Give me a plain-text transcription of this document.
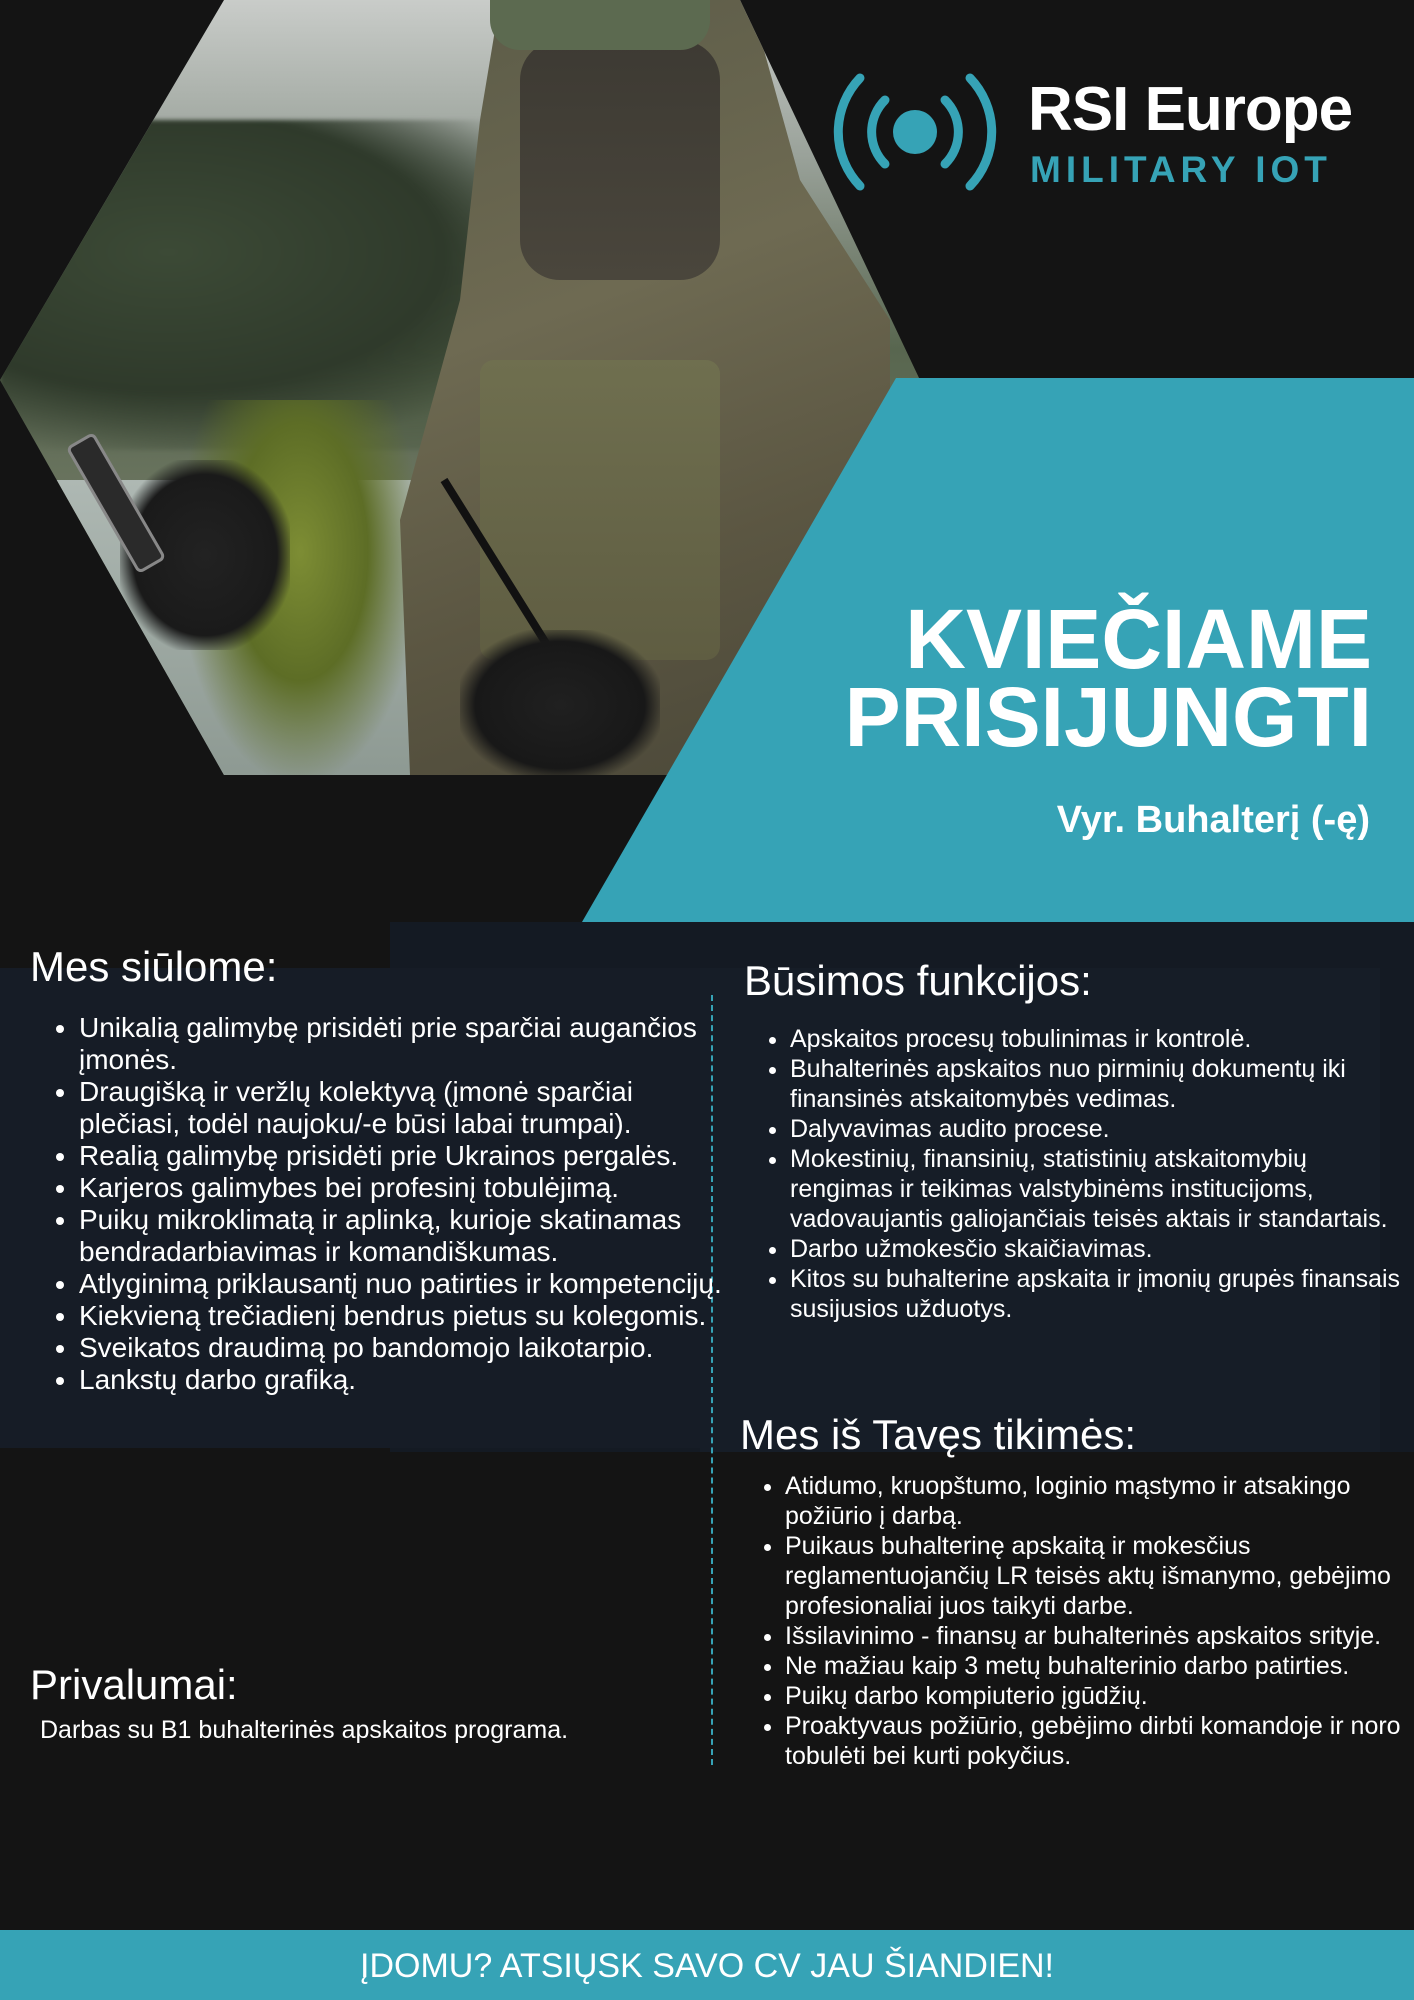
RSI Europe
MILITARY IOT
KVIEČIAME
PRISIJUNGTI
Vyr. Buhalterį (-ę)
Mes siūlome:
• Unikalią galimybę prisidėti prie sparčiai augančios įmonės.
• Draugišką ir veržlų kolektyvą (įmonė sparčiai plečiasi, todėl naujoku/-e būsi labai trumpai).
• Realią galimybę prisidėti prie Ukrainos pergalės.
• Karjeros galimybes bei profesinį tobulėjimą.
• Puikų mikroklimatą ir aplinką, kurioje skatinamas bendradarbiavimas ir komandiškumas.
• Atlyginimą priklausantį nuo patirties ir kompetencijų.
• Kiekvieną trečiadienį bendrus pietus su kolegomis.
• Sveikatos draudimą po bandomojo laikotarpio.
• Lankstų darbo grafiką.
Privalumai:
Darbas su B1 buhalterinės apskaitos programa.
Būsimos funkcijos:
• Apskaitos procesų tobulinimas ir kontrolė.
• Buhalterinės apskaitos nuo pirminių dokumentų iki finansinės atskaitomybės vedimas.
• Dalyvavimas audito procese.
• Mokestinių, finansinių, statistinių atskaitomybių rengimas ir teikimas valstybinėms institucijoms, vadovaujantis galiojančiais teisės aktais ir standartais.
• Darbo užmokesčio skaičiavimas.
• Kitos su buhalterine apskaita ir įmonių grupės finansais susijusios užduotys.
Mes iš Tavęs tikimės:
• Atidumo, kruopštumo, loginio mąstymo ir atsakingo požiūrio į darbą.
• Puikaus buhalterinę apskaitą ir mokesčius reglamentuojančių LR teisės aktų išmanymo, gebėjimo profesionaliai juos taikyti darbe.
• Išsilavinimo - finansų ar buhalterinės apskaitos srityje.
• Ne mažiau kaip 3 metų buhalterinio darbo patirties.
• Puikų darbo kompiuterio įgūdžių.
• Proaktyvaus požiūrio, gebėjimo dirbti komandoje ir noro tobulėti bei kurti pokyčius.
ĮDOMU? ATSIŲSK SAVO CV JAU ŠIANDIEN!
